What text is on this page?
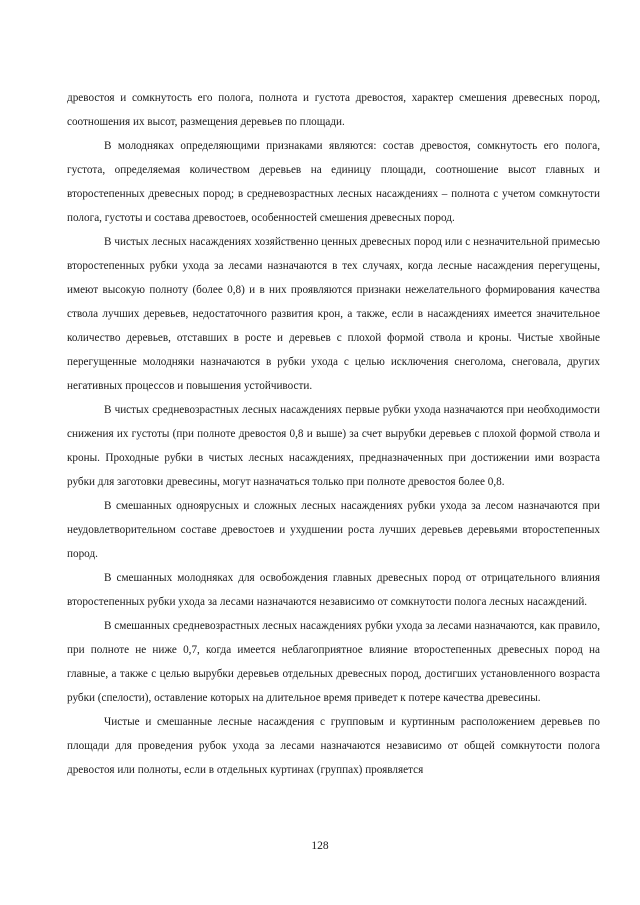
древостоя и сомкнутость его полога, полнота и густота древостоя, характер смешения древесных пород, соотношения их высот, размещения деревьев по площади.

В молодняках определяющими признаками являются: состав древостоя, сомкнутость его полога, густота, определяемая количеством деревьев на единицу площади, соотношение высот главных и второстепенных древесных пород; в средневозрастных лесных насаждениях – полнота с учетом сомкнутости полога, густоты и состава древостоев, особенностей смешения древесных пород.

В чистых лесных насаждениях хозяйственно ценных древесных пород или с незначительной примесью второстепенных рубки ухода за лесами назначаются в тех случаях, когда лесные насаждения перегущены, имеют высокую полноту (более 0,8) и в них проявляются признаки нежелательного формирования качества ствола лучших деревьев, недостаточного развития крон, а также, если в насаждениях имеется значительное количество деревьев, отставших в росте и деревьев с плохой формой ствола и кроны. Чистые хвойные перегущенные молодняки назначаются в рубки ухода с целью исключения снеголома, снеговала, других негативных процессов и повышения устойчивости.

В чистых средневозрастных лесных насаждениях первые рубки ухода назначаются при необходимости снижения их густоты (при полноте древостоя 0,8 и выше) за счет вырубки деревьев с плохой формой ствола и кроны. Проходные рубки в чистых лесных насаждениях, предназначенных при достижении ими возраста рубки для заготовки древесины, могут назначаться только при полноте древостоя более 0,8.

В смешанных одноярусных и сложных лесных насаждениях рубки ухода за лесом назначаются при неудовлетворительном составе древостоев и ухудшении роста лучших деревьев деревьями второстепенных пород.

В смешанных молодняках для освобождения главных древесных пород от отрицательного влияния второстепенных рубки ухода за лесами назначаются независимо от сомкнутости полога лесных насаждений.

В смешанных средневозрастных лесных насаждениях рубки ухода за лесами назначаются, как правило, при полноте не ниже 0,7, когда имеется неблагоприятное влияние второстепенных древесных пород на главные, а также с целью вырубки деревьев отдельных древесных пород, достигших установленного возраста рубки (спелости), оставление которых на длительное время приведет к потере качества древесины.

Чистые и смешанные лесные насаждения с групповым и куртинным расположением деревьев по площади для проведения рубок ухода за лесами назначаются независимо от общей сомкнутости полога древостоя или полноты, если в отдельных куртинах (группах) проявляется

128
